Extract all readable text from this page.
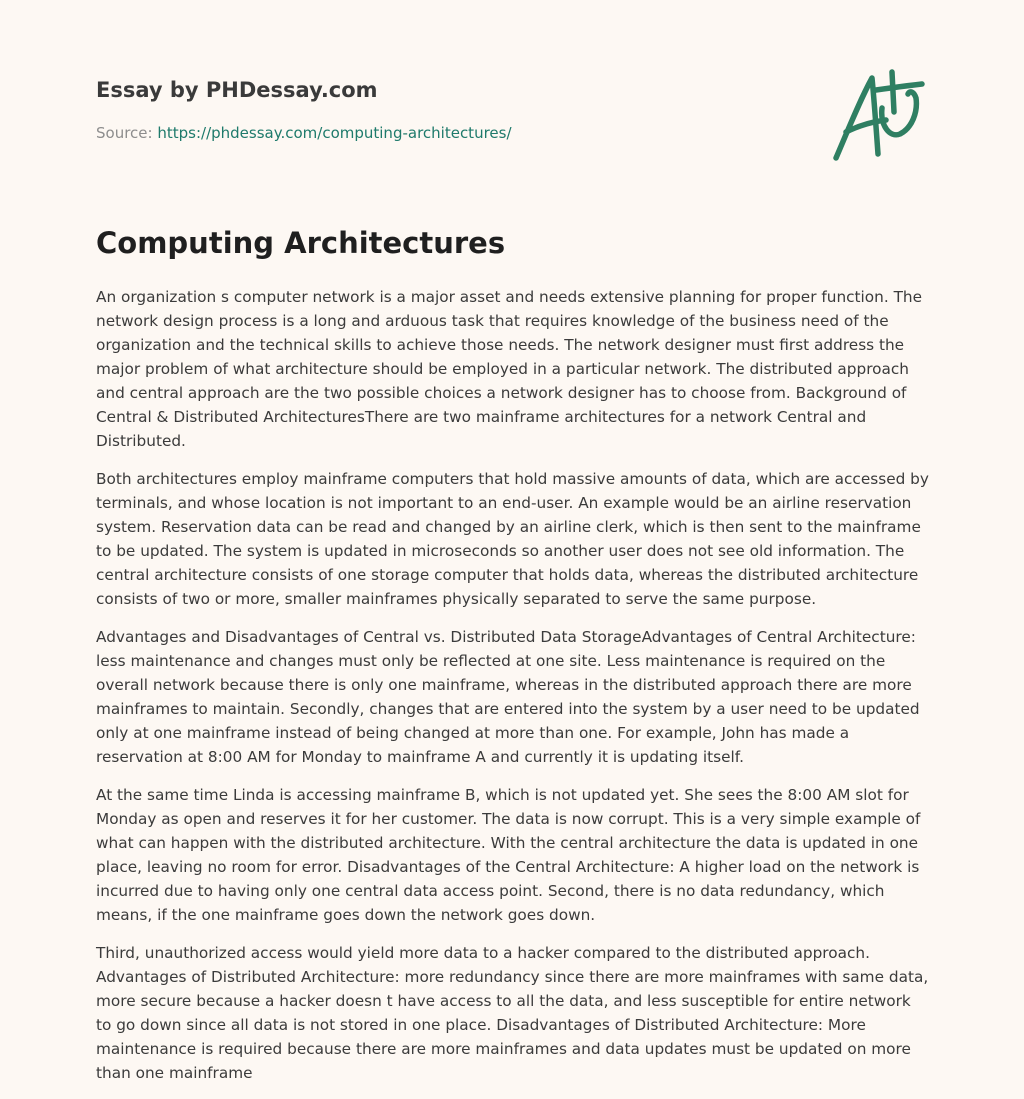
Essay by PHDessay.com
Source: https://phdessay.com/computing-architectures/
Computing Architectures

An organization s computer network is a major asset and needs extensive planning for proper function. The network design process is a long and arduous task that requires knowledge of the business need of the organization and the technical skills to achieve those needs. The network designer must first address the major problem of what architecture should be employed in a particular network. The distributed approach and central approach are the two possible choices a network designer has to choose from. Background of Central & Distributed ArchitecturesThere are two mainframe architectures for a network Central and Distributed.

Both architectures employ mainframe computers that hold massive amounts of data, which are accessed by terminals, and whose location is not important to an end-user. An example would be an airline reservation system. Reservation data can be read and changed by an airline clerk, which is then sent to the mainframe to be updated. The system is updated in microseconds so another user does not see old information. The central architecture consists of one storage computer that holds data, whereas the distributed architecture consists of two or more, smaller mainframes physically separated to serve the same purpose.

Advantages and Disadvantages of Central vs. Distributed Data StorageAdvantages of Central Architecture: less maintenance and changes must only be reflected at one site. Less maintenance is required on the overall network because there is only one mainframe, whereas in the distributed approach there are more mainframes to maintain. Secondly, changes that are entered into the system by a user need to be updated only at one mainframe instead of being changed at more than one. For example, John has made a reservation at 8:00 AM for Monday to mainframe A and currently it is updating itself.

At the same time Linda is accessing mainframe B, which is not updated yet. She sees the 8:00 AM slot for Monday as open and reserves it for her customer. The data is now corrupt. This is a very simple example of what can happen with the distributed architecture. With the central architecture the data is updated in one place, leaving no room for error. Disadvantages of the Central Architecture: A higher load on the network is incurred due to having only one central data access point. Second, there is no data redundancy, which means, if the one mainframe goes down the network goes down.

Third, unauthorized access would yield more data to a hacker compared to the distributed approach. Advantages of Distributed Architecture: more redundancy since there are more mainframes with same data, more secure because a hacker doesn t have access to all the data, and less susceptible for entire network to go down since all data is not stored in one place. Disadvantages of Distributed Architecture: More maintenance is required because there are more mainframes and data updates must be updated on more than one mainframe
